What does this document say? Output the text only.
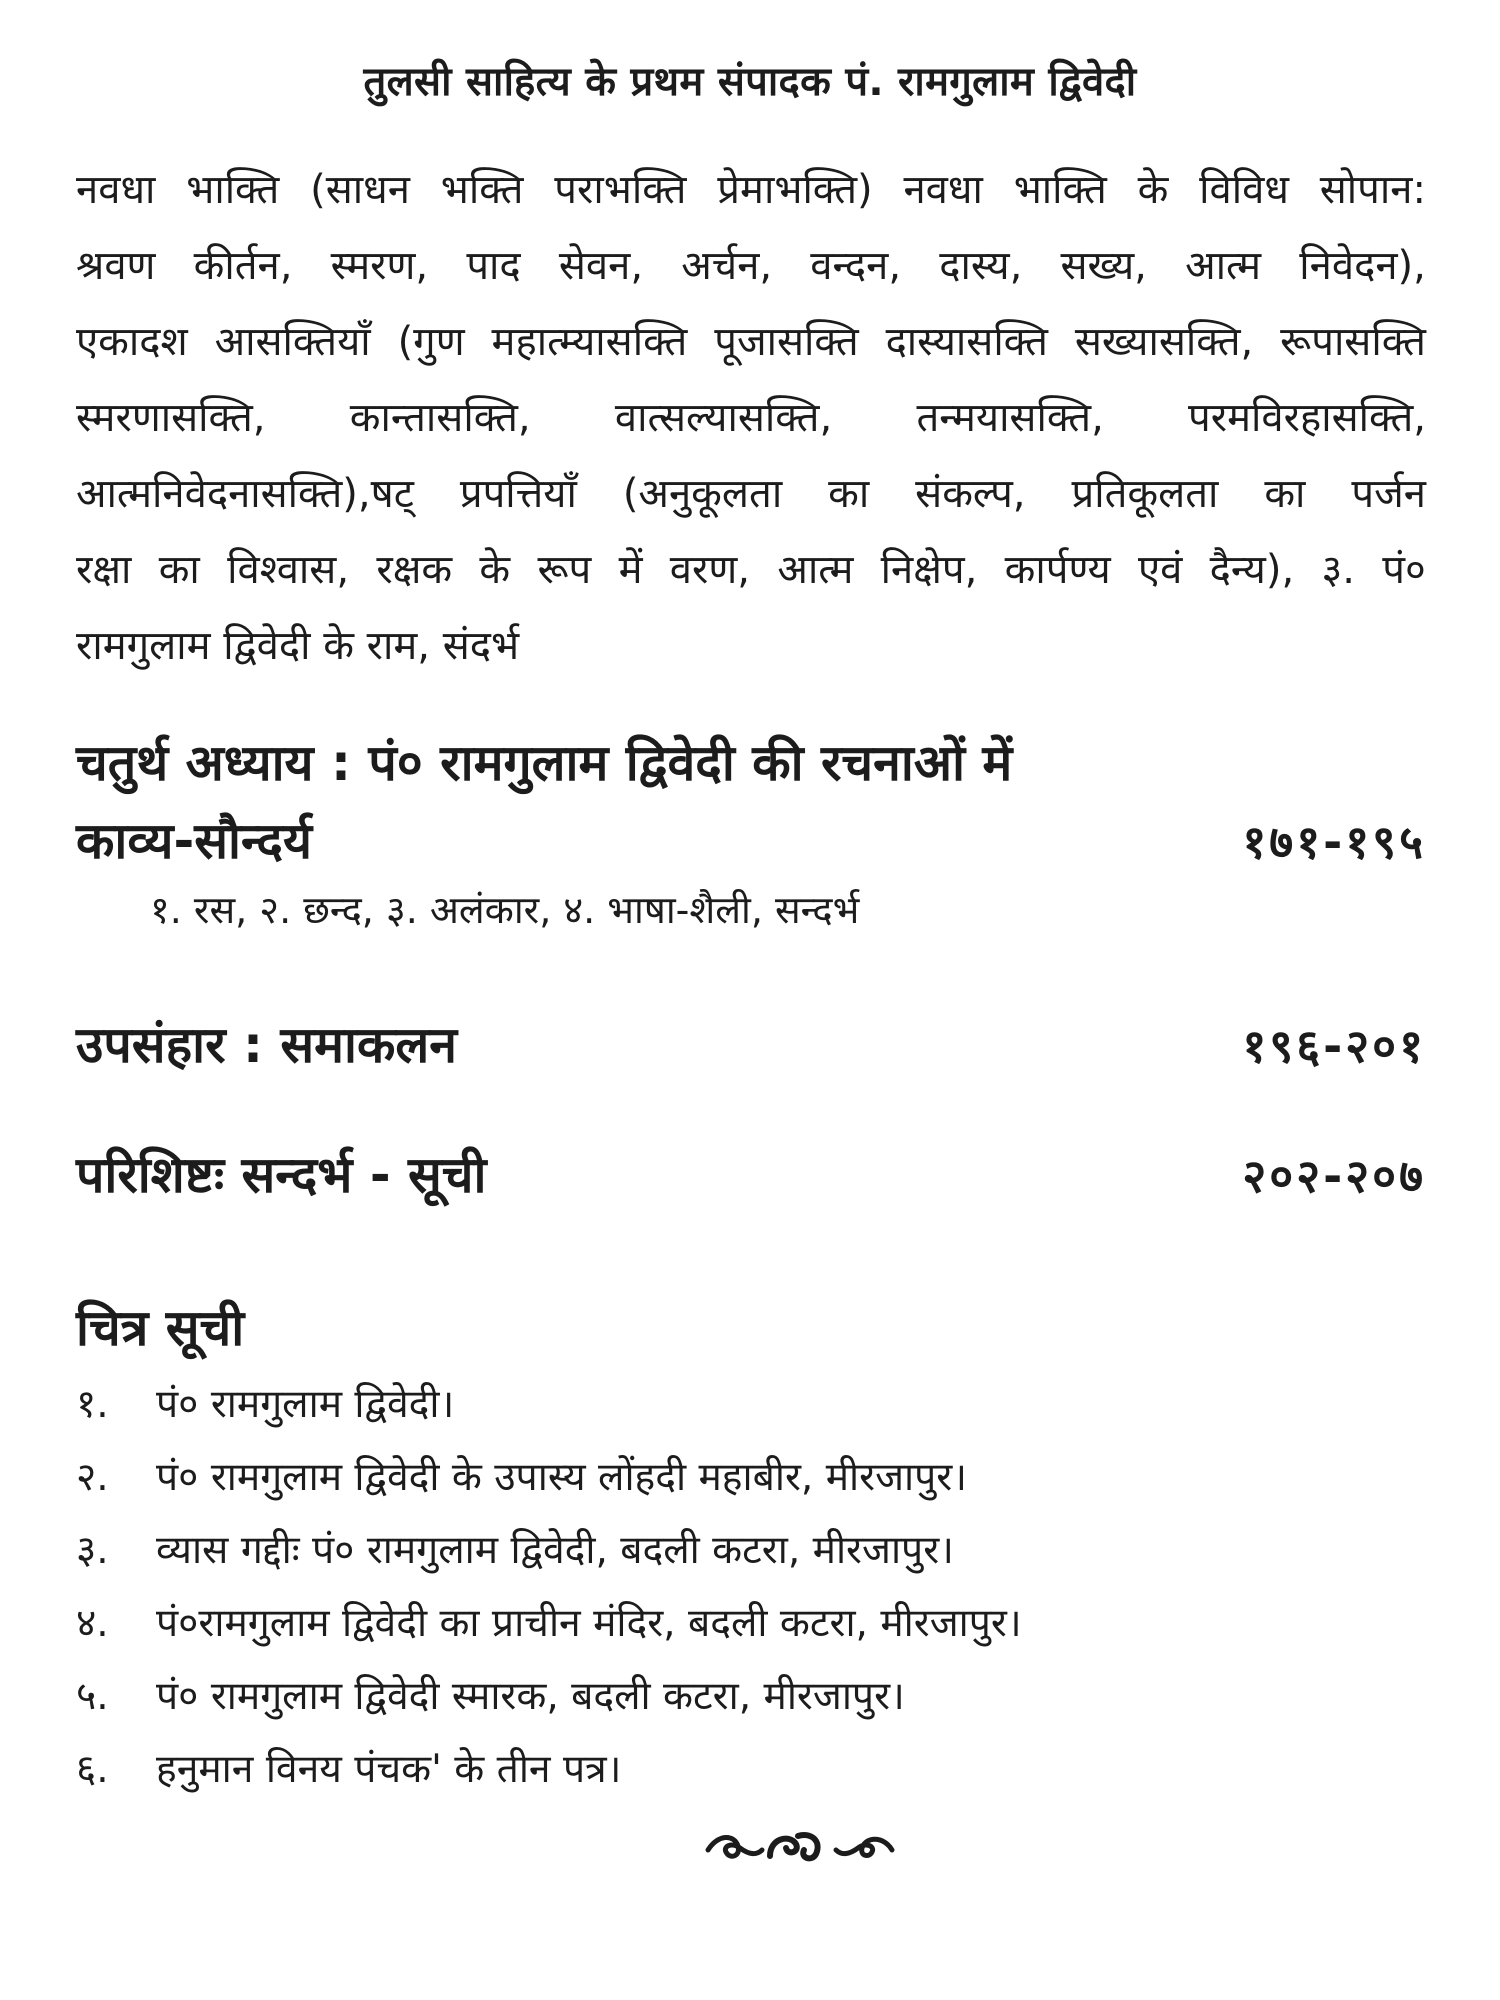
तुलसी साहित्य के प्रथम संपादक पं. रामगुलाम द्विवेदी

नवधा भाक्ति (साधन भक्ति पराभक्ति प्रेमाभक्ति) नवधा भाक्ति के विविध सोपान:
श्रवण कीर्तन, स्मरण, पाद सेवन, अर्चन, वन्दन, दास्य, सख्य, आत्म निवेदन),
एकादश आसक्तियाँ (गुण महात्म्यासक्ति पूजासक्ति दास्यासक्ति सख्यासक्ति, रूपासक्ति
स्मरणासक्ति, कान्तासक्ति, वात्सल्यासक्ति, तन्मयासक्ति, परमविरहासक्ति,
आत्मनिवेदनासक्ति),षट् प्रपत्तियाँ (अनुकूलता का संकल्प, प्रतिकूलता का पर्जन
रक्षा का विश्वास, रक्षक के रूप में वरण, आत्म निक्षेप, कार्पण्य एवं दैन्य), ३. पं०
रामगुलाम द्विवेदी के राम, संदर्भ

चतुर्थ अध्याय : पं० रामगुलाम द्विवेदी की रचनाओं में
काव्य-सौन्दर्य	१७१-१९५
१. रस, २. छन्द, ३. अलंकार, ४. भाषा-शैली, सन्दर्भ
उपसंहार : समाकलन	१९६-२०१
परिशिष्टः सन्दर्भ - सूची	२०२-२०७
चित्र सूची
१.	पं० रामगुलाम द्विवेदी।
२.	पं० रामगुलाम द्विवेदी के उपास्य लोंहदी महाबीर, मीरजापुर।
३.	व्यास गद्दीः पं० रामगुलाम द्विवेदी, बदली कटरा, मीरजापुर।
४.	पं०रामगुलाम द्विवेदी का प्राचीन मंदिर, बदली कटरा, मीरजापुर।
५.	पं० रामगुलाम द्विवेदी स्मारक, बदली कटरा, मीरजापुर।
६.	हनुमान विनय पंचक' के तीन पत्र।
